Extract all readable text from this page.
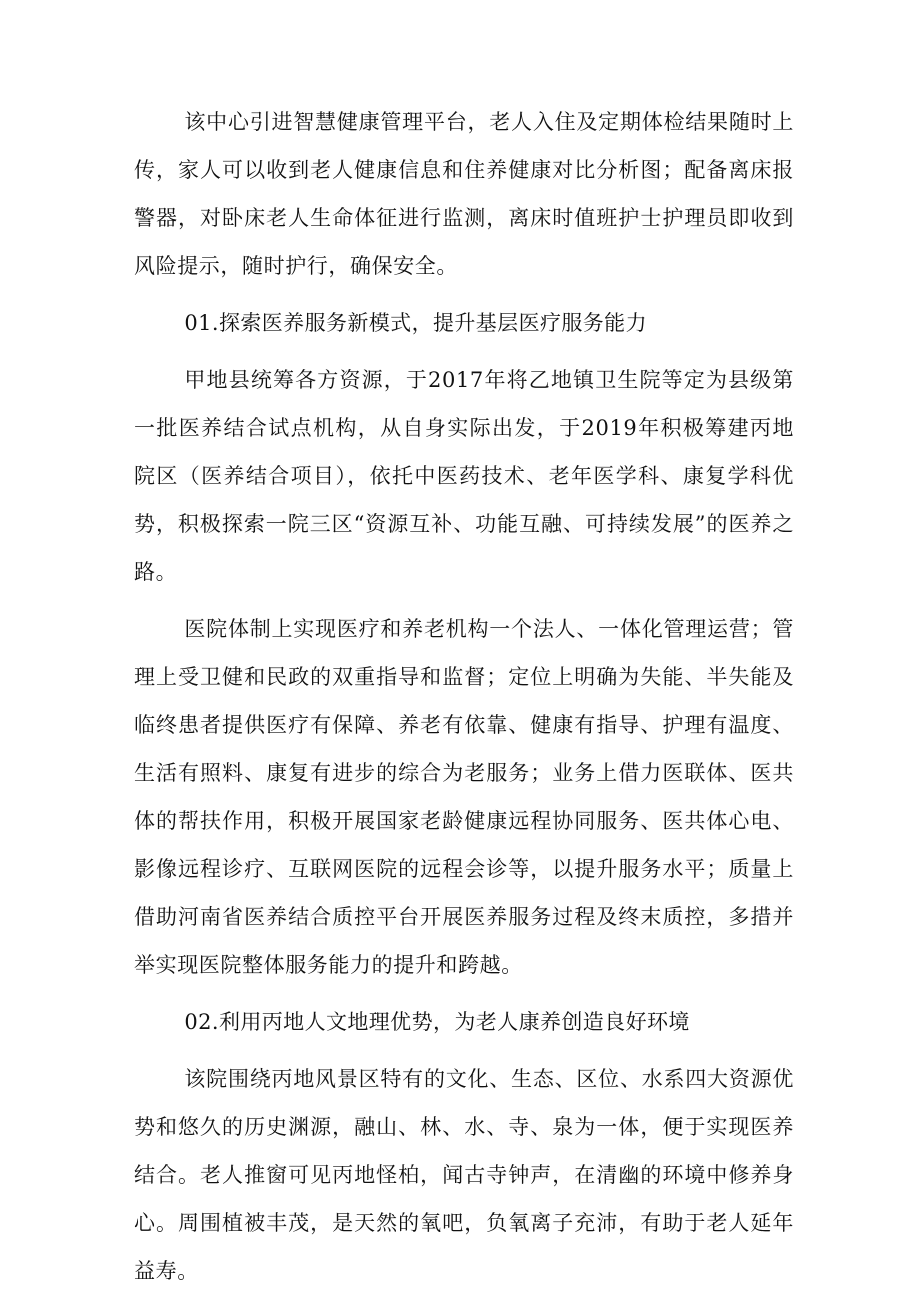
该中心引进智慧健康管理平台，老人入住及定期体检结果随时上传，家人可以收到老人健康信息和住养健康对比分析图；配备离床报警器，对卧床老人生命体征进行监测，离床时值班护士护理员即收到风险提示，随时护行，确保安全。

01.探索医养服务新模式，提升基层医疗服务能力

甲地县统筹各方资源，于2017年将乙地镇卫生院等定为县级第一批医养结合试点机构，从自身实际出发，于2019年积极筹建丙地院区（医养结合项目），依托中医药技术、老年医学科、康复学科优势，积极探索一院三区“资源互补、功能互融、可持续发展”的医养之路。

医院体制上实现医疗和养老机构一个法人、一体化管理运营；管理上受卫健和民政的双重指导和监督；定位上明确为失能、半失能及临终患者提供医疗有保障、养老有依靠、健康有指导、护理有温度、生活有照料、康复有进步的综合为老服务；业务上借力医联体、医共体的帮扶作用，积极开展国家老龄健康远程协同服务、医共体心电、影像远程诊疗、互联网医院的远程会诊等，以提升服务水平；质量上借助河南省医养结合质控平台开展医养服务过程及终末质控，多措并举实现医院整体服务能力的提升和跨越。

02.利用丙地人文地理优势，为老人康养创造良好环境

该院围绕丙地风景区特有的文化、生态、区位、水系四大资源优势和悠久的历史渊源，融山、林、水、寺、泉为一体，便于实现医养结合。老人推窗可见丙地怪柏，闻古寺钟声，在清幽的环境中修养身心。周围植被丰茂，是天然的氧吧，负氧离子充沛，有助于老人延年益寿。
